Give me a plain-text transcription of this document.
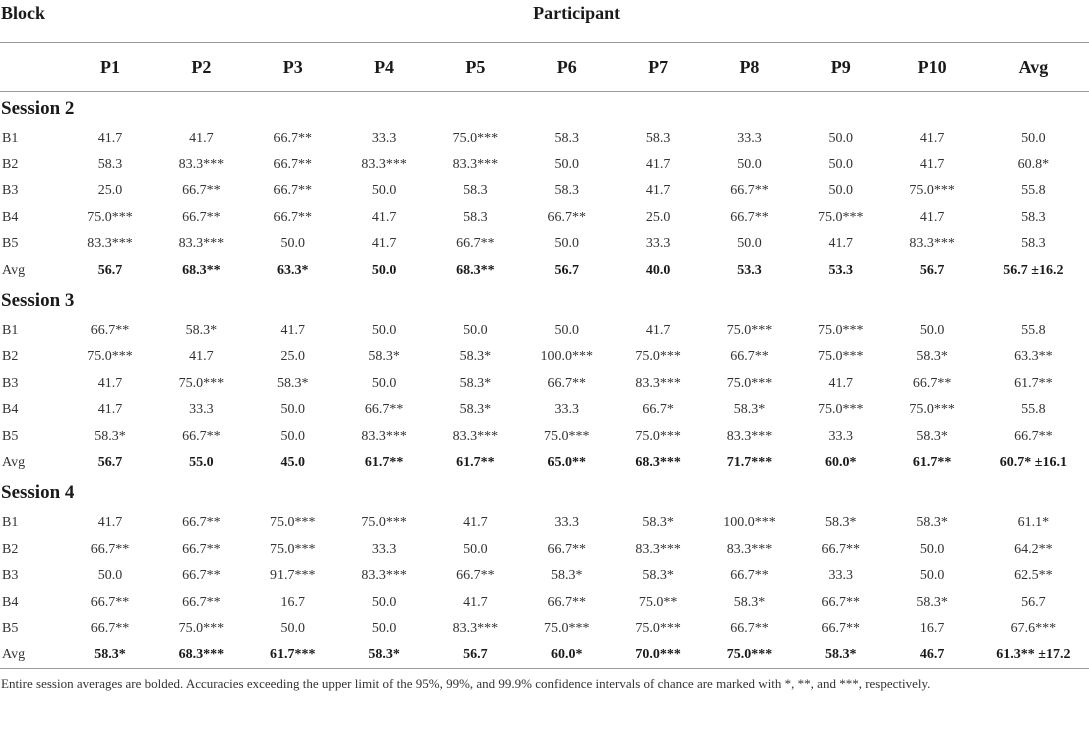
Block	Participant										

	P1	P2	P3	P4	P5	P6	P7	P8	P9	P10	Avg
Session 2											
B1	41.7	41.7	66.7**	33.3	75.0***	58.3	58.3	33.3	50.0	41.7	50.0
B2	58.3	83.3***	66.7**	83.3***	83.3***	50.0	41.7	50.0	50.0	41.7	60.8*
B3	25.0	66.7**	66.7**	50.0	58.3	58.3	41.7	66.7**	50.0	75.0***	55.8
B4	75.0***	66.7**	66.7**	41.7	58.3	66.7**	25.0	66.7**	75.0***	41.7	58.3
B5	83.3***	83.3***	50.0	41.7	66.7**	50.0	33.3	50.0	41.7	83.3***	58.3
Avg	56.7	68.3**	63.3*	50.0	68.3**	56.7	40.0	53.3	53.3	56.7	56.7 ±16.2
Session 3											
B1	66.7**	58.3*	41.7	50.0	50.0	50.0	41.7	75.0***	75.0***	50.0	55.8
B2	75.0***	41.7	25.0	58.3*	58.3*	100.0***	75.0***	66.7**	75.0***	58.3*	63.3**
B3	41.7	75.0***	58.3*	50.0	58.3*	66.7**	83.3***	75.0***	41.7	66.7**	61.7**
B4	41.7	33.3	50.0	66.7**	58.3*	33.3	66.7*	58.3*	75.0***	75.0***	55.8
B5	58.3*	66.7**	50.0	83.3***	83.3***	75.0***	75.0***	83.3***	33.3	58.3*	66.7**
Avg	56.7	55.0	45.0	61.7**	61.7**	65.0**	68.3***	71.7***	60.0*	61.7**	60.7* ±16.1
Session 4											
B1	41.7	66.7**	75.0***	75.0***	41.7	33.3	58.3*	100.0***	58.3*	58.3*	61.1*
B2	66.7**	66.7**	75.0***	33.3	50.0	66.7**	83.3***	83.3***	66.7**	50.0	64.2**
B3	50.0	66.7**	91.7***	83.3***	66.7**	58.3*	58.3*	66.7**	33.3	50.0	62.5**
B4	66.7**	66.7**	16.7	50.0	41.7	66.7**	75.0**	58.3*	66.7**	58.3*	56.7
B5	66.7**	75.0***	50.0	50.0	83.3***	75.0***	75.0***	66.7**	66.7**	16.7	67.6***
Avg	58.3*	68.3***	61.7***	58.3*	56.7	60.0*	70.0***	75.0***	58.3*	46.7	61.3** ±17.2
Entire session averages are bolded. Accuracies exceeding the upper limit of the 95%, 99%, and 99.9% confidence intervals of chance are marked with *, **, and ***, respectively.											
